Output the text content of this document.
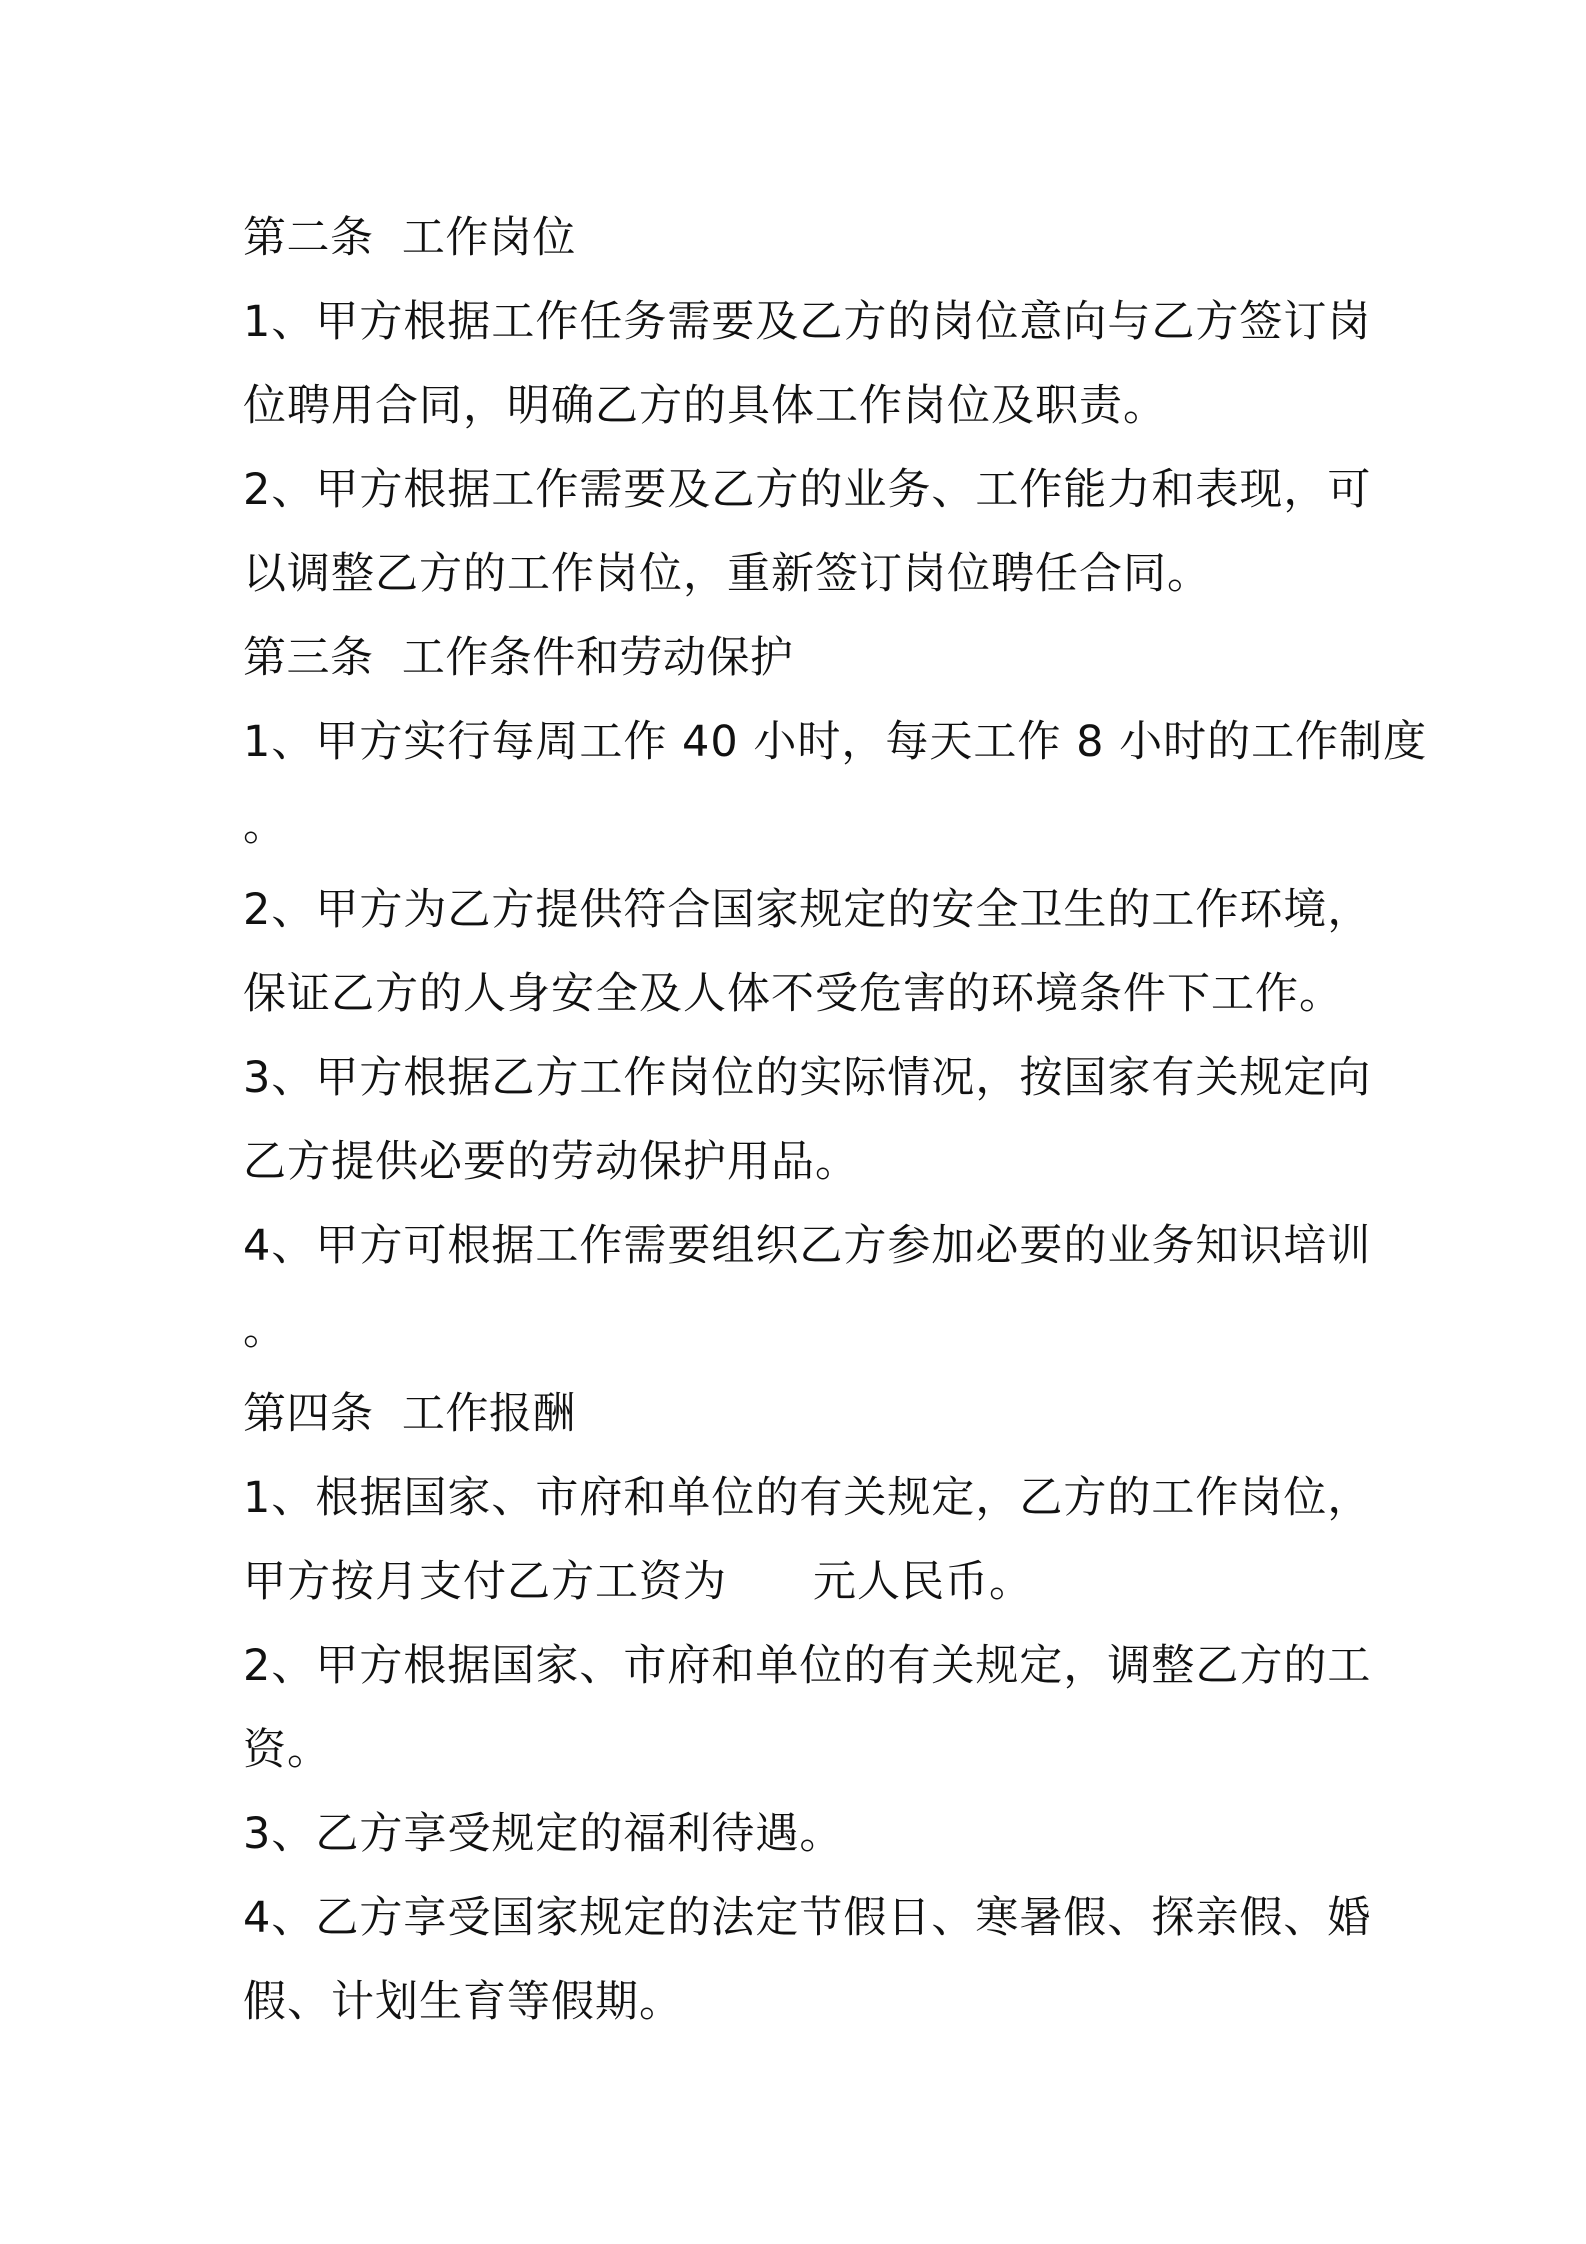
第二条  工作岗位
1、甲方根据工作任务需要及乙方的岗位意向与乙方签订岗
位聘用合同，明确乙方的具体工作岗位及职责。
2、甲方根据工作需要及乙方的业务、工作能力和表现，可
以调整乙方的工作岗位，重新签订岗位聘任合同。
第三条  工作条件和劳动保护
1、甲方实行每周工作 40 小时，每天工作 8 小时的工作制度
。
2、甲方为乙方提供符合国家规定的安全卫生的工作环境，
保证乙方的人身安全及人体不受危害的环境条件下工作。
3、甲方根据乙方工作岗位的实际情况，按国家有关规定向
乙方提供必要的劳动保护用品。
4、甲方可根据工作需要组织乙方参加必要的业务知识培训
。
第四条  工作报酬
1、根据国家、市府和单位的有关规定，乙方的工作岗位，
甲方按月支付乙方工资为 元人民币。
2、甲方根据国家、市府和单位的有关规定，调整乙方的工
资。
3、乙方享受规定的福利待遇。
4、乙方享受国家规定的法定节假日、寒暑假、探亲假、婚
假、计划生育等假期。
